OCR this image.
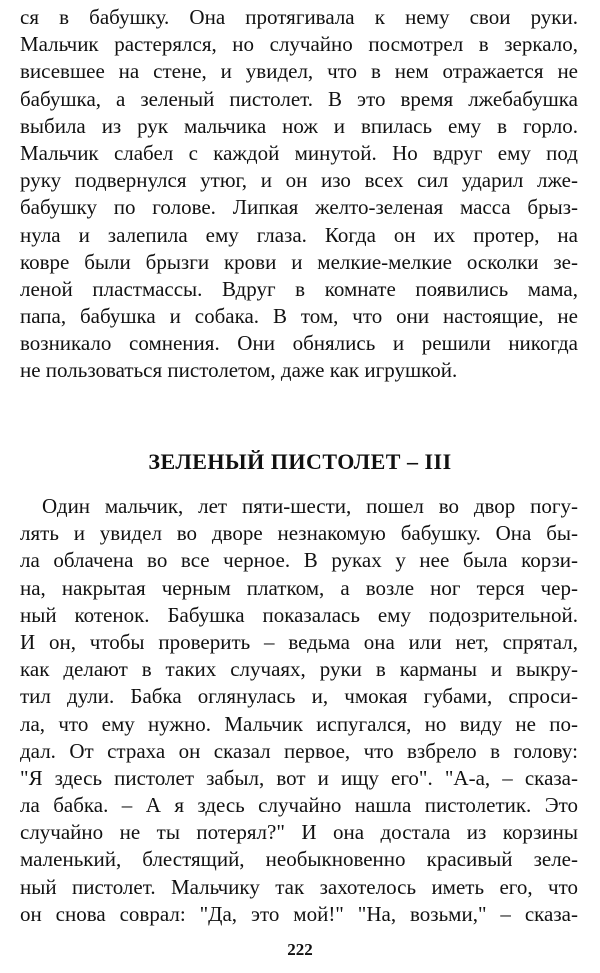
ся в бабушку. Она протягивала к нему свои руки.
Мальчик растерялся, но случайно посмотрел в зеркало,
висевшее на стене, и увидел, что в нем отражается не
бабушка, а зеленый пистолет. В это время лжебабушка
выбила из рук мальчика нож и впилась ему в горло.
Мальчик слабел с каждой минутой. Но вдруг ему под
руку подвернулся утюг, и он изо всех сил ударил лже-
бабушку по голове. Липкая желто-зеленая масса брыз-
нула и залепила ему глаза. Когда он их протер, на
ковре были брызги крови и мелкие-мелкие осколки зе-
леной пластмассы. Вдруг в комнате появились мама,
папа, бабушка и собака. В том, что они настоящие, не
возникало сомнения. Они обнялись и решили никогда
не пользоваться пистолетом, даже как игрушкой.
ЗЕЛЕНЫЙ ПИСТОЛЕТ – III
Один мальчик, лет пяти-шести, пошел во двор погу-
лять и увидел во дворе незнакомую бабушку. Она бы-
ла облачена во все черное. В руках у нее была корзи-
на, накрытая черным платком, а возле ног терся чер-
ный котенок. Бабушка показалась ему подозрительной.
И он, чтобы проверить – ведьма она или нет, спрятал,
как делают в таких случаях, руки в карманы и выкру-
тил дули. Бабка оглянулась и, чмокая губами, спроси-
ла, что ему нужно. Мальчик испугался, но виду не по-
дал. От страха он сказал первое, что взбрело в голову:
"Я здесь пистолет забыл, вот и ищу его". "А-а, – сказа-
ла бабка. – А я здесь случайно нашла пистолетик. Это
случайно не ты потерял?" И она достала из корзины
маленький, блестящий, необыкновенно красивый зеле-
ный пистолет. Мальчику так захотелось иметь его, что
он снова соврал: "Да, это мой!" "На, возьми," – сказа-
222
